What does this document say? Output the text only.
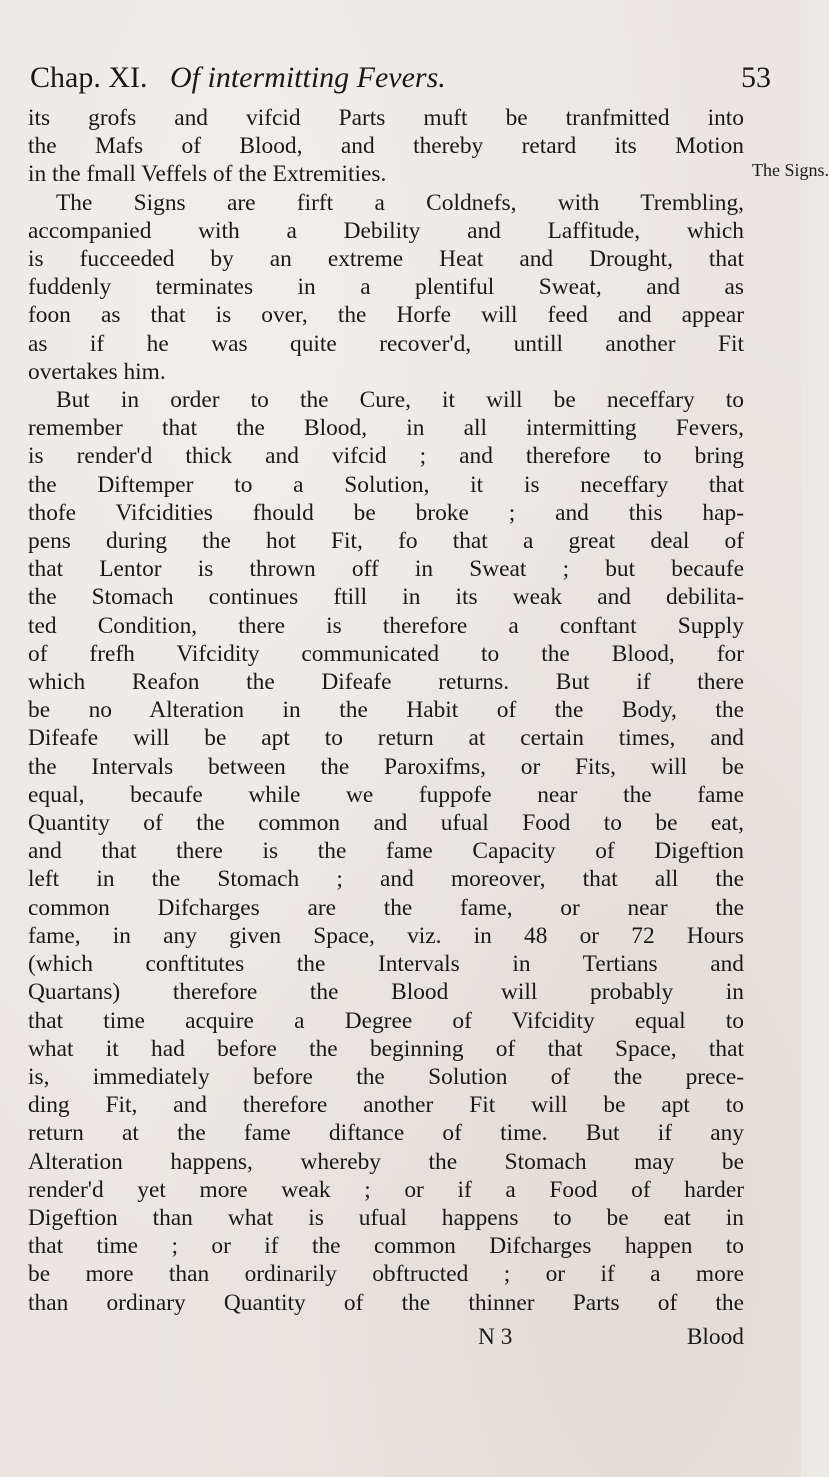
Chap. XI. Of intermitting Fevers.	53
The Signs.
its grofs and vifcid Parts muft be tranfmitted into
the Mafs of Blood, and thereby retard its Motion
in the fmall Veffels of the Extremities.
The Signs are firft a Coldnefs, with Trembling,
accompanied with a Debility and Laffitude, which
is fucceeded by an extreme Heat and Drought, that
fuddenly terminates in a plentiful Sweat, and as
foon as that is over, the Horfe will feed and appear
as if he was quite recover'd, untill another Fit
overtakes him.
But in order to the Cure, it will be neceffary to
remember that the Blood, in all intermitting Fevers,
is render'd thick and vifcid ; and therefore to bring
the Diftemper to a Solution, it is neceffary that
thofe Vifcidities fhould be broke ; and this hap-
pens during the hot Fit, fo that a great deal of
that Lentor is thrown off in Sweat ; but becaufe
the Stomach continues ftill in its weak and debilita-
ted Condition, there is therefore a conftant Supply
of frefh Vifcidity communicated to the Blood, for
which Reafon the Difeafe returns. But if there
be no Alteration in the Habit of the Body, the
Difeafe will be apt to return at certain times, and
the Intervals between the Paroxifms, or Fits, will be
equal, becaufe while we fuppofe near the fame
Quantity of the common and ufual Food to be eat,
and that there is the fame Capacity of Digeftion
left in the Stomach ; and moreover, that all the
common Difcharges are the fame, or near the
fame, in any given Space, viz. in 48 or 72 Hours
(which conftitutes the Intervals in Tertians and
Quartans) therefore the Blood will probably in
that time acquire a Degree of Vifcidity equal to
what it had before the beginning of that Space, that
is, immediately before the Solution of the prece-
ding Fit, and therefore another Fit will be apt to
return at the fame diftance of time. But if any
Alteration happens, whereby the Stomach may be
render'd yet more weak ; or if a Food of harder
Digeftion than what is ufual happens to be eat in
that time ; or if the common Difcharges happen to
be more than ordinarily obftructed ; or if a more
than ordinary Quantity of the thinner Parts of the
N 3	Blood
